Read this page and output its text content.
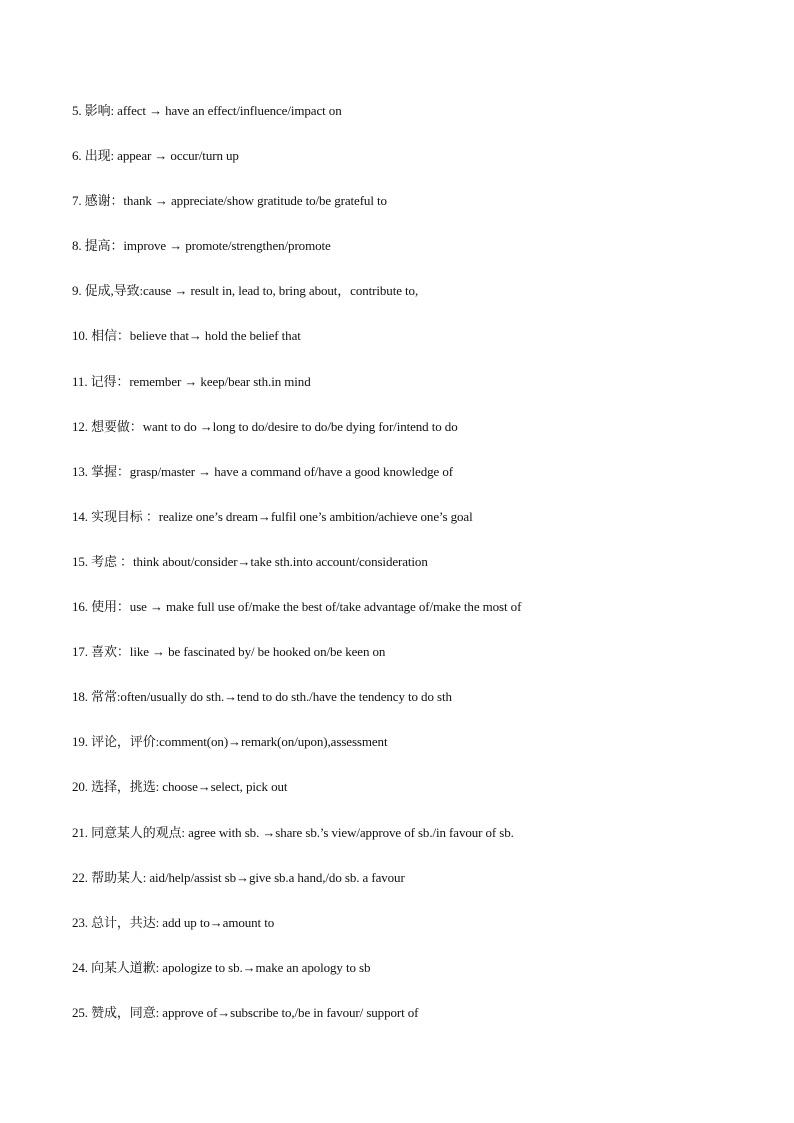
5. 影响: affect → have an effect/influence/impact on
6. 出现: appear → occur/turn up
7. 感谢：thank → appreciate/show gratitude to/be grateful to
8. 提高：improve → promote/strengthen/promote
9. 促成,导致:cause → result in, lead to, bring about，contribute to,
10. 相信：believe that→ hold the belief that
11. 记得：remember → keep/bear sth.in mind
12. 想要做：want to do →long to do/desire to do/be dying for/intend to do
13. 掌握：grasp/master → have a command of/have a good knowledge of
14. 实现目标 ：realize one’s dream→fulfil one’s ambition/achieve one’s goal
15. 考虑 ：think about/consider→take sth.into account/consideration
16. 使用：use → make full use of/make the best of/take advantage of/make the most of
17. 喜欢：like → be fascinated by/ be hooked on/be keen on
18. 常常:often/usually do sth.→tend to do sth./have the tendency to do sth
19. 评论，评价:comment(on)→remark(on/upon),assessment
20. 选择，挑选: choose→select, pick out
21. 同意某人的观点: agree with sb. →share sb.’s view/approve of sb./in favour of sb.
22. 帮助某人: aid/help/assist sb→give sb.a hand,/do sb. a favour
23. 总计，共达: add up to→amount to
24. 向某人道歉: apologize to sb.→make an apology to sb
25. 赞成，同意: approve of→subscribe to,/be in favour/ support of
